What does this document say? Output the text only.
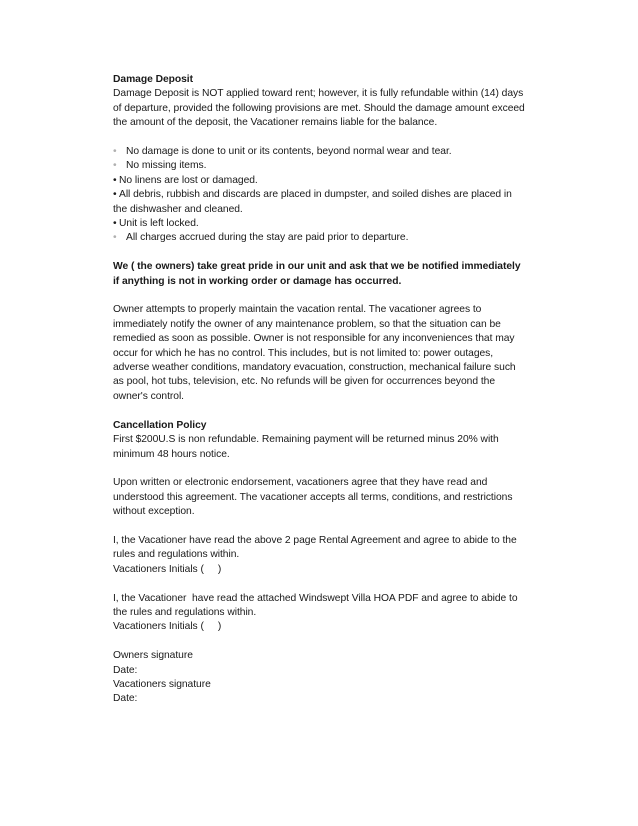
Damage Deposit

Damage Deposit is NOT applied toward rent; however, it is fully refundable within (14) days of departure, provided the following provisions are met. Should the damage amount exceed the amount of the deposit, the Vacationer remains liable for the balance.

• No damage is done to unit or its contents, beyond normal wear and tear.
• No missing items.
• No linens are lost or damaged.
• All debris, rubbish and discards are placed in dumpster, and soiled dishes are placed in the dishwasher and cleaned.
• Unit is left locked.
• All charges accrued during the stay are paid prior to departure.

We ( the owners) take great pride in our unit and ask that we be notified immediately if anything is not in working order or damage has occurred.

Owner attempts to properly maintain the vacation rental. The vacationer agrees to immediately notify the owner of any maintenance problem, so that the situation can be remedied as soon as possible. Owner is not responsible for any inconveniences that may occur for which he has no control. This includes, but is not limited to: power outages, adverse weather conditions, mandatory evacuation, construction, mechanical failure such as pool, hot tubs, television, etc. No refunds will be given for occurrences beyond the owner's control.

Cancellation Policy

First $200U.S is non refundable. Remaining payment will be returned minus 20% with minimum 48 hours notice.

Upon written or electronic endorsement, vacationers agree that they have read and understood this agreement. The vacationer accepts all terms, conditions, and restrictions without exception.

I, the Vacationer have read the above 2 page Rental Agreement and agree to abide to the rules and regulations within.

Vacationers Initials (     )

I, the Vacationer  have read the attached Windswept Villa HOA PDF and agree to abide to the rules and regulations within.

Vacationers Initials (     )

Owners signature

Date:

Vacationers signature

Date:
